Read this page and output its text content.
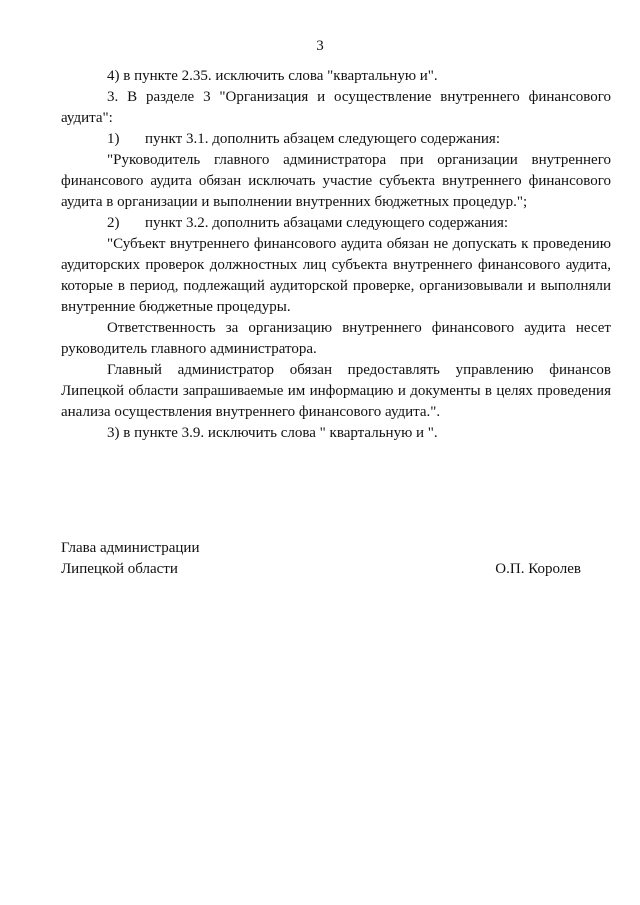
3

4) в пункте 2.35. исключить слова "квартальную и".

3. В разделе 3 "Организация и осуществление внутреннего финансового аудита":

1) пункт 3.1. дополнить абзацем следующего содержания:

"Руководитель главного администратора при организации внутреннего финансового аудита обязан исключать участие субъекта внутреннего финансового аудита в организации и выполнении внутренних бюджетных процедур.";

2) пункт 3.2. дополнить абзацами следующего содержания:

"Субъект внутреннего финансового аудита обязан не допускать к проведению аудиторских проверок должностных лиц субъекта внутреннего финансового аудита, которые в период, подлежащий аудиторской проверке, организовывали и выполняли внутренние бюджетные процедуры.

Ответственность за организацию внутреннего финансового аудита несет руководитель главного администратора.

Главный администратор обязан предоставлять управлению финансов Липецкой области запрашиваемые им информацию и документы в целях проведения анализа осуществления внутреннего финансового аудита.".

3) в пункте 3.9. исключить слова " квартальную и ".

Глава администрации
Липецкой области	О.П. Королев
